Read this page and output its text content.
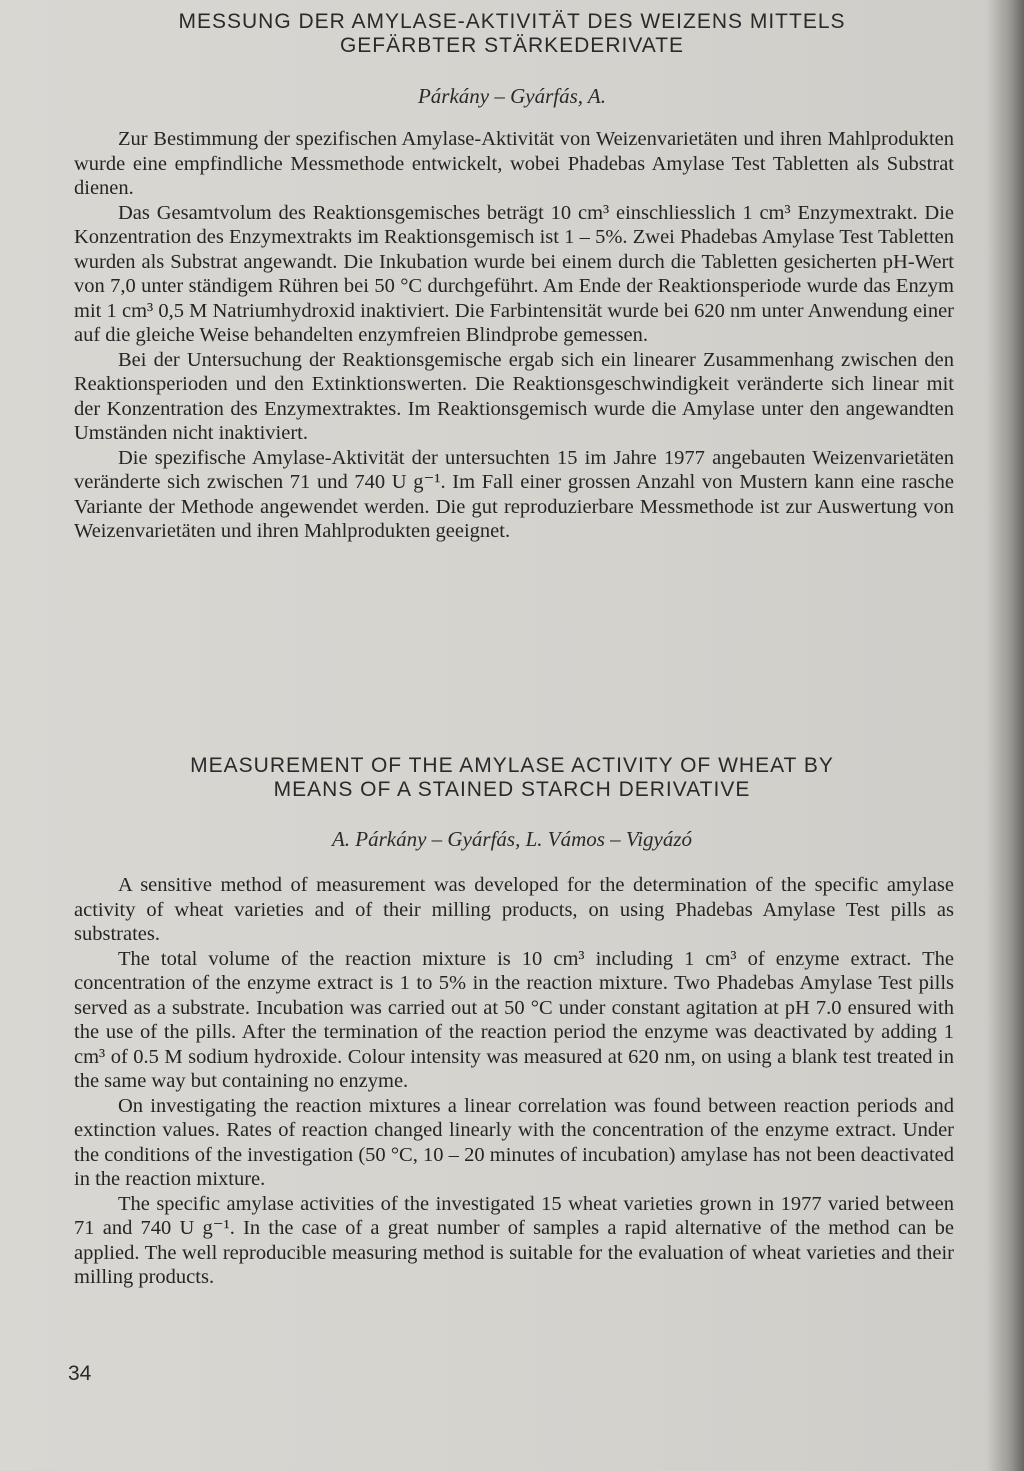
MESSUNG DER AMYLASE-AKTIVITÄT DES WEIZENS MITTELS
GEFÄRBTER STÄRKEDERIVATE
Párkány – Gyárfás, A.

Zur Bestimmung der spezifischen Amylase-Aktivität von Weizenvarietäten und ihren Mahlprodukten wurde eine empfindliche Messmethode entwickelt, wobei Phadebas Amylase Test Tabletten als Substrat dienen.

Das Gesamtvolum des Reaktionsgemisches beträgt 10 cm³ einschliesslich 1 cm³ Enzymextrakt. Die Konzentration des Enzymextrakts im Reaktionsgemisch ist 1 – 5%. Zwei Phadebas Amylase Test Tabletten wurden als Substrat angewandt. Die Inkubation wurde bei einem durch die Tabletten gesicherten pH-Wert von 7,0 unter ständigem Rühren bei 50 °C durchgeführt. Am Ende der Reaktionsperiode wurde das Enzym mit 1 cm³ 0,5 M Natriumhydroxid inaktiviert. Die Farbintensität wurde bei 620 nm unter Anwendung einer auf die gleiche Weise behandelten enzymfreien Blindprobe gemessen.

Bei der Untersuchung der Reaktionsgemische ergab sich ein linearer Zusammenhang zwischen den Reaktionsperioden und den Extinktionswerten. Die Reaktionsgeschwindigkeit veränderte sich linear mit der Konzentration des Enzymextraktes. Im Reaktionsgemisch wurde die Amylase unter den angewandten Umständen nicht inaktiviert.

Die spezifische Amylase-Aktivität der untersuchten 15 im Jahre 1977 angebauten Weizenvarietäten veränderte sich zwischen 71 und 740 U g⁻¹. Im Fall einer grossen Anzahl von Mustern kann eine rasche Variante der Methode angewendet werden. Die gut reproduzierbare Messmethode ist zur Auswertung von Weizenvarietäten und ihren Mahlprodukten geeignet.

MEASUREMENT OF THE AMYLASE ACTIVITY OF WHEAT BY
MEANS OF A STAINED STARCH DERIVATIVE
A. Párkány – Gyárfás, L. Vámos – Vigyázó

A sensitive method of measurement was developed for the determination of the specific amylase activity of wheat varieties and of their milling products, on using Phadebas Amylase Test pills as substrates.

The total volume of the reaction mixture is 10 cm³ including 1 cm³ of enzyme extract. The concentration of the enzyme extract is 1 to 5% in the reaction mixture. Two Phadebas Amylase Test pills served as a substrate. Incubation was carried out at 50 °C under constant agitation at pH 7.0 ensured with the use of the pills. After the termination of the reaction period the enzyme was deactivated by adding 1 cm³ of 0.5 M sodium hydroxide. Colour intensity was measured at 620 nm, on using a blank test treated in the same way but containing no enzyme.

On investigating the reaction mixtures a linear correlation was found between reaction periods and extinction values. Rates of reaction changed linearly with the concentration of the enzyme extract. Under the conditions of the investigation (50 °C, 10 – 20 minutes of incubation) amylase has not been deactivated in the reaction mixture.

The specific amylase activities of the investigated 15 wheat varieties grown in 1977 varied between 71 and 740 U g⁻¹. In the case of a great number of samples a rapid alternative of the method can be applied. The well reproducible measuring method is suitable for the evaluation of wheat varieties and their milling products.

34
